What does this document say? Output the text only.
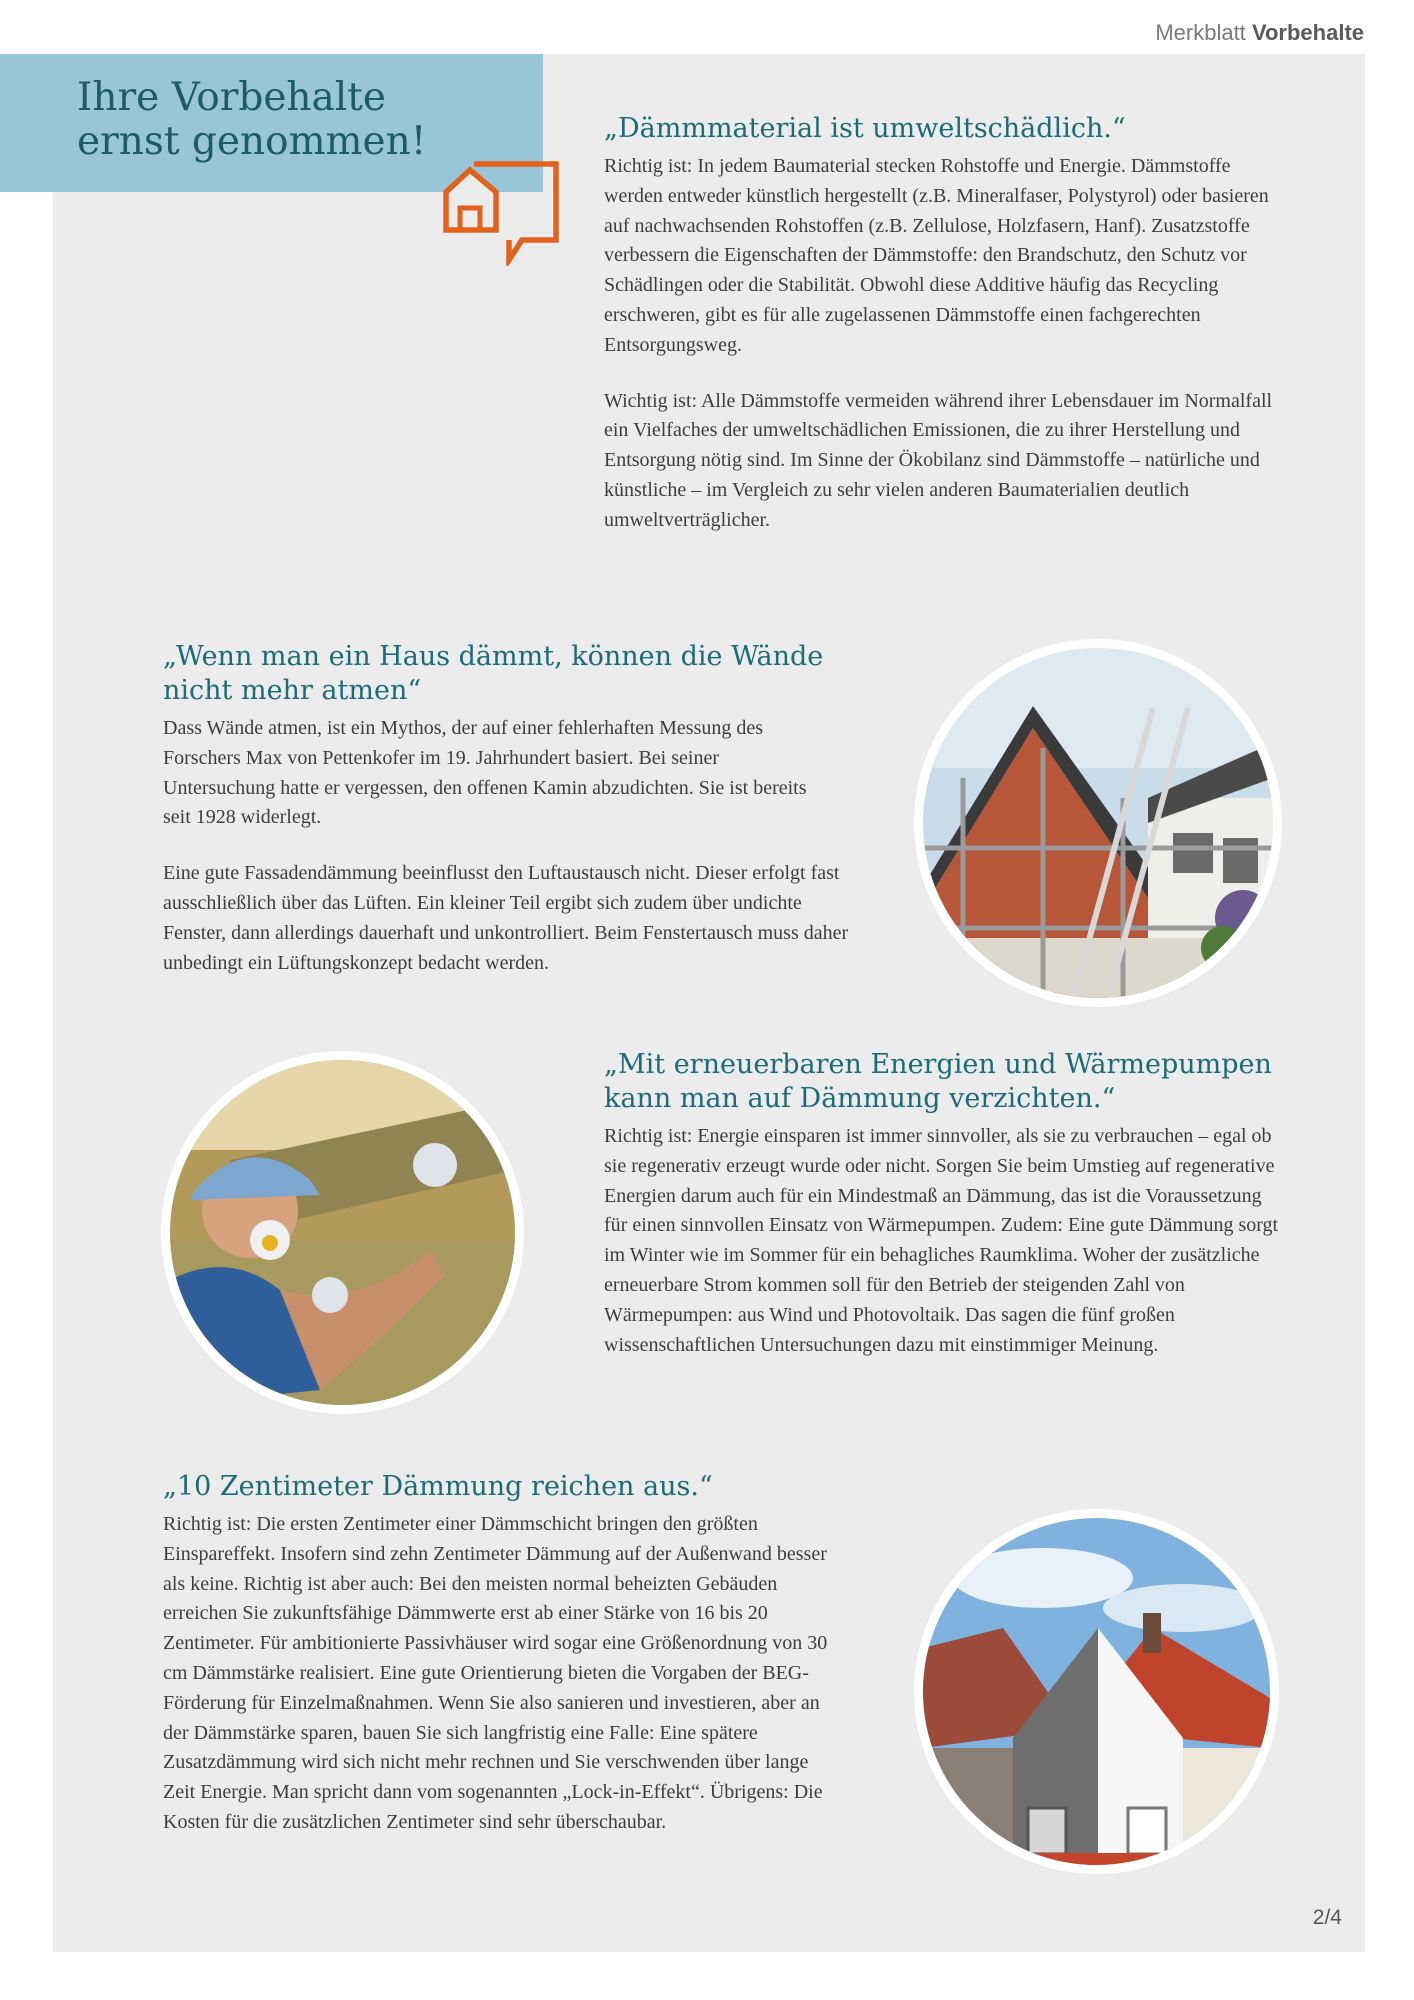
Merkblatt Vorbehalte
Ihre Vorbehalte ernst genommen!	„Dämmmaterial ist umweltschädlich.“

Richtig ist: In jedem Baumaterial stecken Rohstoffe und Energie. Dämmstoffe werden entweder künstlich hergestellt (z.B. Mineralfaser, Polystyrol) oder basieren auf nachwachsenden Rohstoffen (z.B. Zellulose, Holzfasern, Hanf). Zusatzstoffe verbessern die Eigenschaften der Dämmstoffe: den Brandschutz, den Schutz vor Schädlingen oder die Stabilität. Obwohl diese Additive häufig das Recycling erschweren, gibt es für alle zugelassenen Dämmstoffe einen fachgerechten Entsorgungsweg.

Wichtig ist: Alle Dämmstoffe vermeiden während ihrer Lebensdauer im Normalfall ein Vielfaches der umweltschädlichen Emissionen, die zu ihrer Herstellung und Entsorgung nötig sind. Im Sinne der Ökobilanz sind Dämmstoffe – natürliche und künstliche – im Vergleich zu sehr vielen anderen Baumaterialien deutlich umweltverträglicher.

„Wenn man ein Haus dämmt, können die Wände nicht mehr atmen“

Dass Wände atmen, ist ein Mythos, der auf einer fehlerhaften Messung des Forschers Max von Pettenkofer im 19. Jahrhundert basiert. Bei seiner Untersuchung hatte er vergessen, den offenen Kamin abzudichten. Sie ist bereits seit 1928 widerlegt.

Eine gute Fassadendämmung beeinflusst den Luftaustausch nicht. Dieser erfolgt fast ausschließlich über das Lüften. Ein kleiner Teil ergibt sich zudem über undichte Fenster, dann allerdings dauerhaft und unkontrolliert. Beim Fenstertausch muss daher unbedingt ein Lüftungskonzept bedacht werden.

„Mit erneuerbaren Energien und Wärmepumpen kann man auf Dämmung verzichten.“

Richtig ist: Energie einsparen ist immer sinnvoller, als sie zu verbrauchen – egal ob sie regenerativ erzeugt wurde oder nicht. Sorgen Sie beim Umstieg auf regenerative Energien darum auch für ein Mindestmaß an Dämmung, das ist die Voraussetzung für einen sinnvollen Einsatz von Wärmepumpen. Zudem: Eine gute Dämmung sorgt im Winter wie im Sommer für ein behagliches Raumklima. Woher der zusätzliche erneuerbare Strom kommen soll für den Betrieb der steigenden Zahl von Wärmepumpen: aus Wind und Photovoltaik. Das sagen die fünf großen wissenschaftlichen Untersuchungen dazu mit einstimmiger Meinung.

„10 Zentimeter Dämmung reichen aus.“

Richtig ist: Die ersten Zentimeter einer Dämmschicht bringen den größten Einspareffekt. Insofern sind zehn Zentimeter Dämmung auf der Außenwand besser als keine. Richtig ist aber auch: Bei den meisten normal beheizten Gebäuden erreichen Sie zukunftsfähige Dämmwerte erst ab einer Stärke von 16 bis 20 Zentimeter. Für ambitionierte Passivhäuser wird sogar eine Größenordnung von 30 cm Dämmstärke realisiert. Eine gute Orientierung bieten die Vorgaben der BEG-Förderung für Einzelmaßnahmen. Wenn Sie also sanieren und investieren, aber an der Dämmstärke sparen, bauen Sie sich langfristig eine Falle: Eine spätere Zusatzdämmung wird sich nicht mehr rechnen und Sie verschwenden über lange Zeit Energie. Man spricht dann vom sogenannten „Lock-in-Effekt“. Übrigens: Die Kosten für die zusätzlichen Zentimeter sind sehr überschaubar.

2/4
